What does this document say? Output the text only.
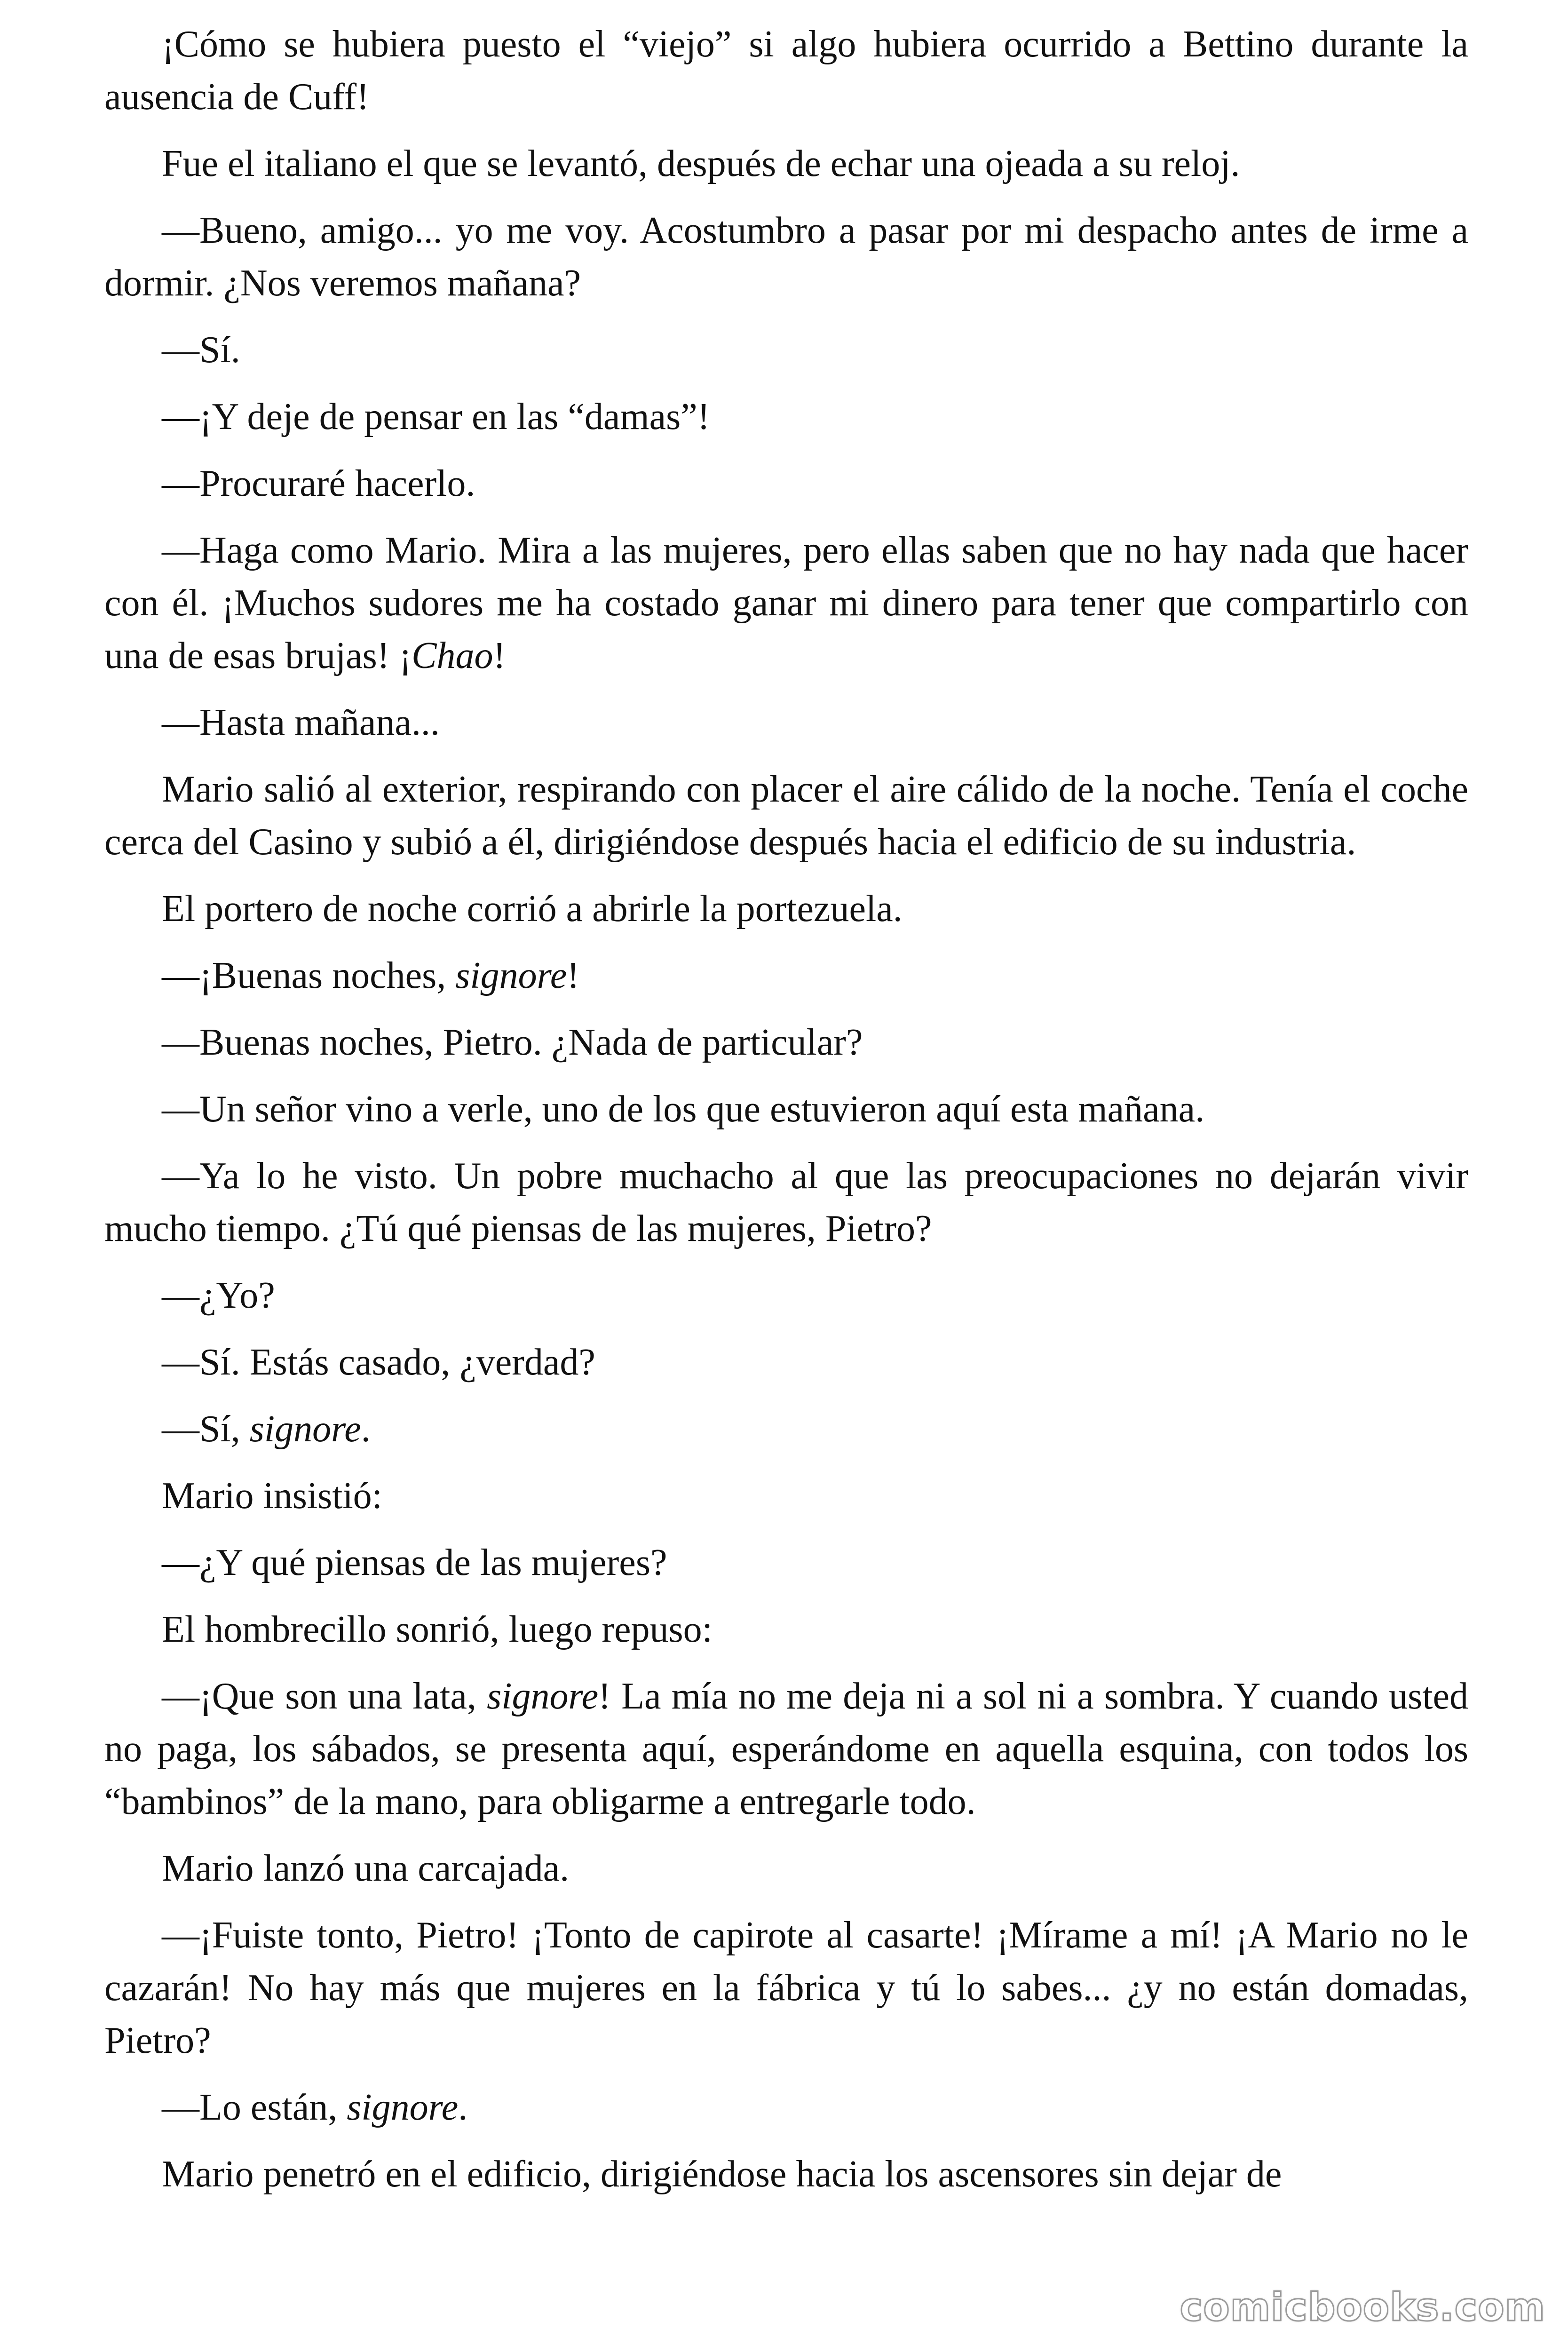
¡Cómo se hubiera puesto el “viejo” si algo hubiera ocurrido a Bettino durante la ausencia de Cuff!

Fue el italiano el que se levantó, después de echar una ojeada a su reloj.

—Bueno, amigo... yo me voy. Acostumbro a pasar por mi despacho antes de irme a dormir. ¿Nos veremos mañana?

—Sí.

—¡Y deje de pensar en las “damas”!

—Procuraré hacerlo.

—Haga como Mario. Mira a las mujeres, pero ellas saben que no hay nada que hacer con él. ¡Muchos sudores me ha costado ganar mi dinero para tener que compartirlo con una de esas brujas! ¡Chao!

—Hasta mañana...

Mario salió al exterior, respirando con placer el aire cálido de la noche. Tenía el coche cerca del Casino y subió a él, dirigiéndose después hacia el edificio de su industria.

El portero de noche corrió a abrirle la portezuela.

—¡Buenas noches, signore!

—Buenas noches, Pietro. ¿Nada de particular?

—Un señor vino a verle, uno de los que estuvieron aquí esta mañana.

—Ya lo he visto. Un pobre muchacho al que las preocupaciones no dejarán vivir mucho tiempo. ¿Tú qué piensas de las mujeres, Pietro?

—¿Yo?

—Sí. Estás casado, ¿verdad?

—Sí, signore.

Mario insistió:

—¿Y qué piensas de las mujeres?

El hombrecillo sonrió, luego repuso:

—¡Que son una lata, signore! La mía no me deja ni a sol ni a sombra. Y cuando usted no paga, los sábados, se presenta aquí, esperándome en aquella esquina, con todos los “bambinos” de la mano, para obligarme a entregarle todo.

Mario lanzó una carcajada.

—¡Fuiste tonto, Pietro! ¡Tonto de capirote al casarte! ¡Mírame a mí! ¡A Mario no le cazarán! No hay más que mujeres en la fábrica y tú lo sabes... ¿y no están domadas, Pietro?

—Lo están, signore.

Mario penetró en el edificio, dirigiéndose hacia los ascensores sin dejar de

comicbooks.com
